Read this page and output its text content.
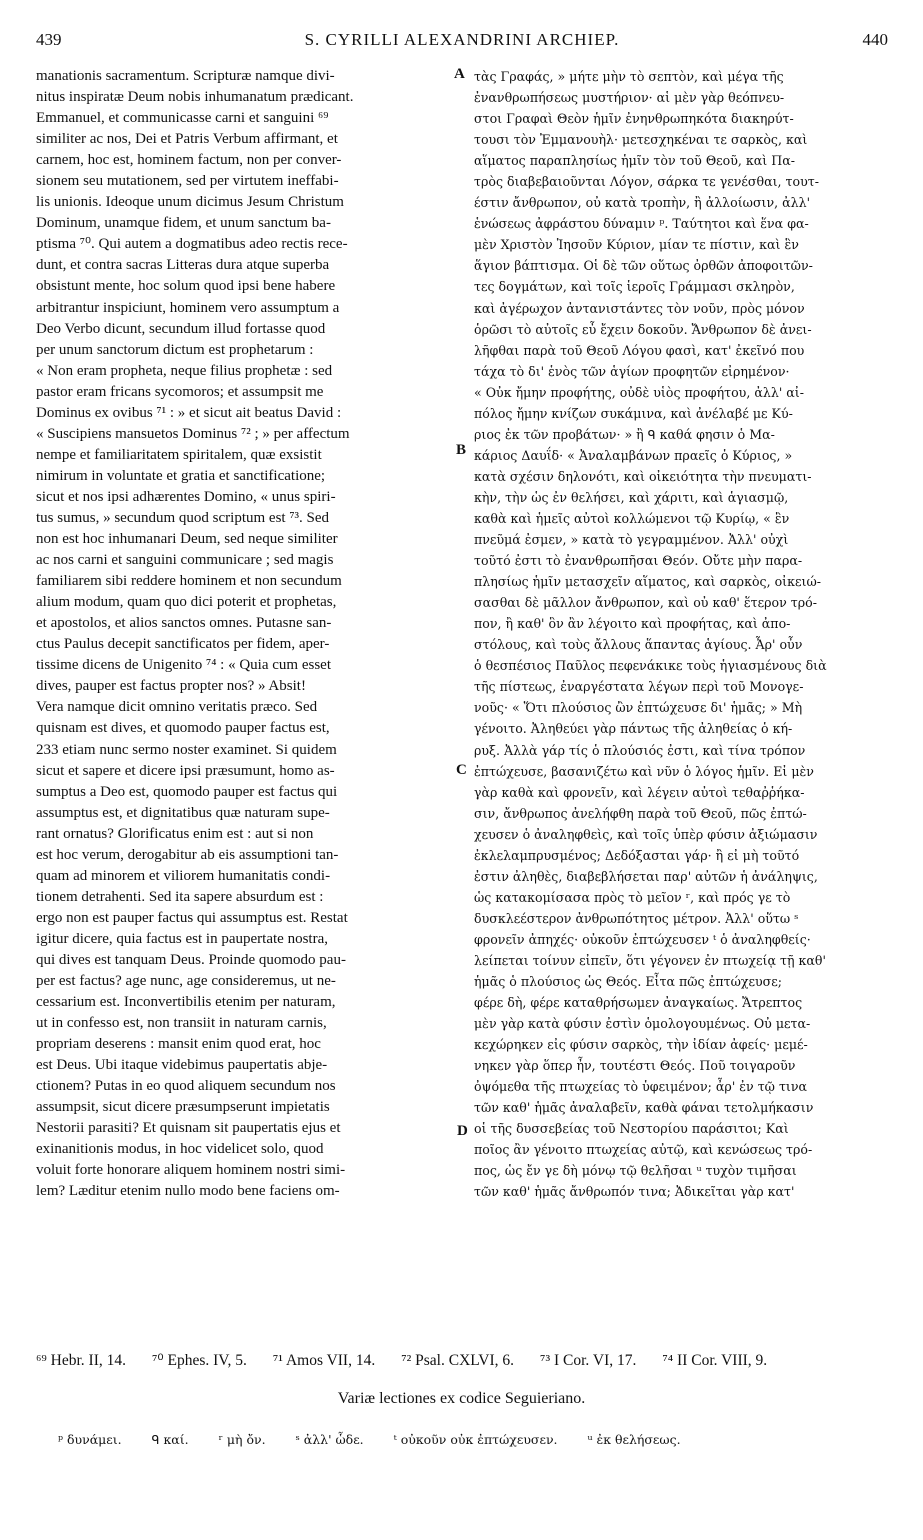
439	S. CYRILLI ALEXANDRINI ARCHIEP.	440
manationis sacramentum. Scripturæ namque divi-
nitus inspiratæ Deum nobis inhumanatum prædicant.
Emmanuel, et communicasse carni et sanguini ⁶⁹
similiter ac nos, Dei et Patris Verbum affirmant, et
carnem, hoc est, hominem factum, non per conver-
sionem seu mutationem, sed per virtutem ineffabi-
lis unionis. Ideoque unum dicimus Jesum Christum
Dominum, unamque fidem, et unum sanctum ba-
ptisma ⁷⁰. Qui autem a dogmatibus adeo rectis rece-
dunt, et contra sacras Litteras dura atque superba
obsistunt mente, hoc solum quod ipsi bene habere
arbitrantur inspiciunt, hominem vero assumptum a
Deo Verbo dicunt, secundum illud fortasse quod
per unum sanctorum dictum est prophetarum :
« Non eram propheta, neque filius prophetæ : sed
pastor eram fricans sycomoros; et assumpsit me
Dominus ex ovibus ⁷¹ : » et sicut ait beatus David :
« Suscipiens mansuetos Dominus ⁷² ; » per affectum
nempe et familiaritatem spiritalem, quæ exsistit
nimirum in voluntate et gratia et sanctificatione;
sicut et nos ipsi adhærentes Domino, « unus spiri-
tus sumus, » secundum quod scriptum est ⁷³. Sed
non est hoc inhumanari Deum, sed neque similiter
ac nos carni et sanguini communicare ; sed magis
familiarem sibi reddere hominem et non secundum
alium modum, quam quo dici poterit et prophetas,
et apostolos, et alios sanctos omnes. Putasne san-
ctus Paulus decepit sanctificatos per fidem, aper-
tissime dicens de Unigenito ⁷⁴ : « Quia cum esset
dives, pauper est factus propter nos? » Absit!
Vera namque dicit omnino veritatis præco. Sed
quisnam est dives, et quomodo pauper factus est,
233 etiam nunc sermo noster examinet. Si quidem
sicut et sapere et dicere ipsi præsumunt, homo as-
sumptus a Deo est, quomodo pauper est factus qui
assumptus est, et dignitatibus quæ naturam supe-
rant ornatus? Glorificatus enim est : aut si non
est hoc verum, derogabitur ab eis assumptioni tan-
quam ad minorem et viliorem humanitatis condi-
tionem detrahenti. Sed ita sapere absurdum est :
ergo non est pauper factus qui assumptus est. Restat
igitur dicere, quia factus est in paupertate nostra,
qui dives est tanquam Deus. Proinde quomodo pau-
per est factus? age nunc, age consideremus, ut ne-
cessarium est. Inconvertibilis etenim per naturam,
ut in confesso est, non transiit in naturam carnis,
propriam deserens : mansit enim quod erat, hoc
est Deus. Ubi itaque videbimus paupertatis abje-
ctionem? Putas in eo quod aliquem secundum nos
assumpsit, sicut dicere præsumpserunt impietatis
Nestorii parasiti? Et quisnam sit paupertatis ejus et
exinanitionis modus, in hoc videlicet solo, quod
voluit forte honorare aliquem hominem nostri simi-
lem? Læditur etenim nullo modo bene faciens om-
τὰς Γραφάς, » μήτε μὴν τὸ σεπτὸν, καὶ μέγα τῆς
ἐνανθρωπήσεως μυστήριον· αἱ μὲν γὰρ θεόπνευ-
στοι Γραφαὶ Θεὸν ἡμῖν ἐνηνθρωπηκότα διακηρύτ-
τουσι τὸν Ἐμμανουὴλ· μετεσχηκέναι τε σαρκὸς, καὶ
αἵματος παραπλησίως ἡμῖν τὸν τοῦ Θεοῦ, καὶ Πα-
τρὸς διαβεβαιοῦνται Λόγον, σάρκα τε γενέσθαι, τουτ-
έστιν ἄνθρωπον, οὐ κατὰ τροπὴν, ἢ ἀλλοίωσιν, ἀλλ'
ἑνώσεως ἀφράστου δύναμιν ᵖ. Ταύτητοι καὶ ἕνα φα-
μὲν Χριστὸν Ἰησοῦν Κύριον, μίαν τε πίστιν, καὶ ἓν
ἅγιον βάπτισμα. Οἱ δὲ τῶν οὕτως ὀρθῶν ἀποφοιτῶν-
τες δογμάτων, καὶ τοῖς ἱεροῖς Γράμμασι σκληρὸν,
καὶ ἀγέρωχον ἀντανιστάντες τὸν νοῦν, πρὸς μόνον
ὁρῶσι τὸ αὐτοῖς εὖ ἔχειν δοκοῦν. Ἄνθρωπον δὲ ἀνει-
λῆφθαι παρὰ τοῦ Θεοῦ Λόγου φασὶ, κατ' ἐκεῖνό που
τάχα τὸ δι' ἑνὸς τῶν ἁγίων προφητῶν εἰρημένον·
« Οὐκ ἤμην προφήτης, οὐδὲ υἱὸς προφήτου, ἀλλ' αἰ-
πόλος ἤμην κνίζων συκάμινα, καὶ ἀνέλαβέ με Κύ-
ριος ἐκ τῶν προβάτων· » ἢ ᑫ καθά φησιν ὁ Μα-
κάριος Δαυΐδ· « Ἀναλαμβάνων πραεῖς ὁ Κύριος, »
κατὰ σχέσιν δηλονότι, καὶ οἰκειότητα τὴν πνευματι-
κὴν, τὴν ὡς ἐν θελήσει, καὶ χάριτι, καὶ ἁγιασμῷ,
καθὰ καὶ ἡμεῖς αὐτοὶ κολλώμενοι τῷ Κυρίῳ, « ἓν
πνεῦμά ἐσμεν, » κατὰ τὸ γεγραμμένον. Ἀλλ' οὐχὶ
τοῦτό ἐστι τὸ ἐνανθρωπῆσαι Θεόν. Οὔτε μὴν παρα-
πλησίως ἡμῖν μετασχεῖν αἵματος, καὶ σαρκὸς, οἰκειώ-
σασθαι δὲ μᾶλλον ἄνθρωπον, καὶ οὐ καθ' ἕτερον τρό-
πον, ἢ καθ' ὃν ἂν λέγοιτο καὶ προφήτας, καὶ ἀπο-
στόλους, καὶ τοὺς ἄλλους ἅπαντας ἁγίους. Ἆρ' οὖν
ὁ θεσπέσιος Παῦλος πεφενάκικε τοὺς ἡγιασμένους διὰ
τῆς πίστεως, ἐναργέστατα λέγων περὶ τοῦ Μονογε-
νοῦς· « Ὅτι πλούσιος ὢν ἐπτώχευσε δι' ἡμᾶς; » Μὴ
γένοιτο. Ἀληθεύει γὰρ πάντως τῆς ἀληθείας ὁ κή-
ρυξ. Ἀλλὰ γάρ τίς ὁ πλούσιός ἐστι, καὶ τίνα τρόπον
ἐπτώχευσε, βασανιζέτω καὶ νῦν ὁ λόγος ἡμῖν. Εἰ μὲν
γὰρ καθὰ καὶ φρονεῖν, καὶ λέγειν αὐτοὶ τεθαῤῥήκα-
σιν, ἄνθρωπος ἀνελήφθη παρὰ τοῦ Θεοῦ, πῶς ἐπτώ-
χευσεν ὁ ἀναληφθεὶς, καὶ τοῖς ὑπὲρ φύσιν ἀξιώμασιν
ἐκλελαμπρυσμένος; Δεδόξασται γάρ· ἢ εἰ μὴ τοῦτό
ἐστιν ἀληθὲς, διαβεβλήσεται παρ' αὐτῶν ἡ ἀνάληψις,
ὡς κατακομίσασα πρὸς τὸ μεῖον ʳ, καὶ πρός γε τὸ
δυσκλεέστερον ἀνθρωπότητος μέτρον. Ἀλλ' οὕτω ˢ
φρονεῖν ἀπηχές· οὐκοῦν ἐπτώχευσεν ᵗ ὁ ἀναληφθείς·
λείπεται τοίνυν εἰπεῖν, ὅτι γέγονεν ἐν πτωχείᾳ τῇ καθ'
ἡμᾶς ὁ πλούσιος ὡς Θεός. Εἶτα πῶς ἐπτώχευσε;
φέρε δὴ, φέρε καταθρήσωμεν ἀναγκαίως. Ἄτρεπτος
μὲν γὰρ κατὰ φύσιν ἐστὶν ὁμολογουμένως. Οὐ μετα-
κεχώρηκεν εἰς φύσιν σαρκὸς, τὴν ἰδίαν ἀφείς· μεμέ-
νηκεν γὰρ ὅπερ ἦν, τουτέστι Θεός. Ποῦ τοιγαροῦν
ὀψόμεθα τῆς πτωχείας τὸ ὑφειμένον; ἆρ' ἐν τῷ τινα
τῶν καθ' ἡμᾶς ἀναλαβεῖν, καθὰ φάναι τετολμήκασιν
οἱ τῆς δυσσεβείας τοῦ Νεστορίου παράσιτοι; Καὶ
ποῖος ἂν γένοιτο πτωχείας αὐτῷ, καὶ κενώσεως τρό-
πος, ὡς ἔν γε δὴ μόνῳ τῷ θελῆσαι ᵘ τυχὸν τιμῆσαι
τῶν καθ' ἡμᾶς ἄνθρωπόν τινα; Ἀδικεῖται γὰρ κατ'
A
B
C
D
⁶⁹ Hebr. II, 14. ⁷⁰ Ephes. IV, 5. ⁷¹ Amos VII, 14. ⁷² Psal. CXLVI, 6. ⁷³ I Cor. VI, 17. ⁷⁴ II Cor. VIII, 9.
Variæ lectiones ex codice Seguieriano.
ᵖ δυνάμει. ᑫ καί. ʳ μὴ ὄν. ˢ ἀλλ' ὧδε. ᵗ οὐκοῦν οὐκ ἐπτώχευσεν. ᵘ ἐκ θελήσεως.
